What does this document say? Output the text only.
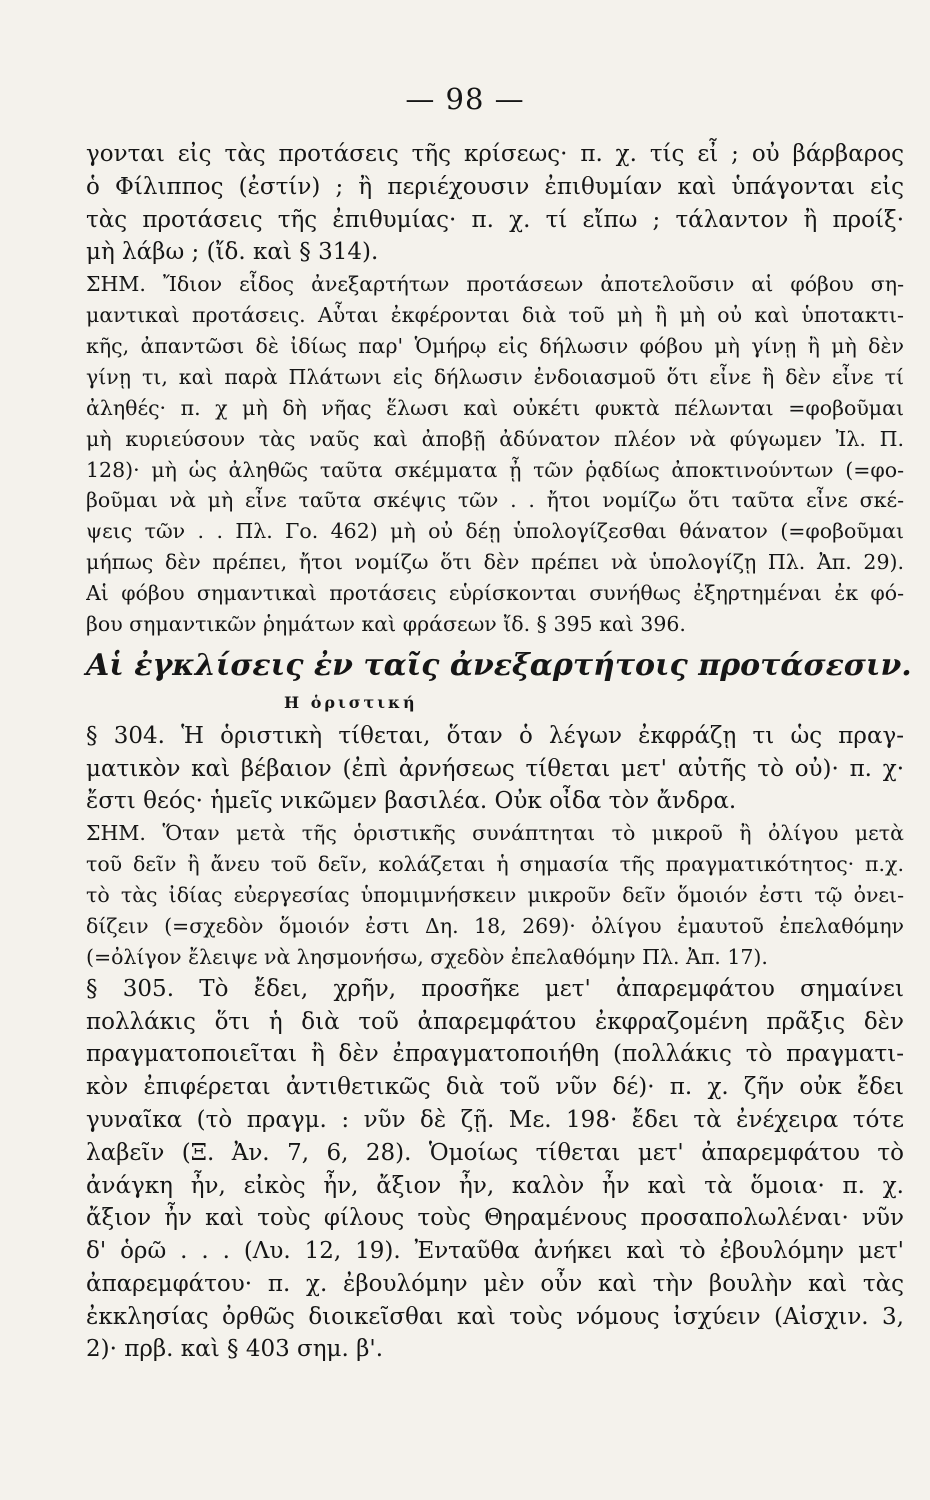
— 98 —
γονται εἰς τὰς προτάσεις τῆς κρίσεως· π. χ. τίς εἶ ; οὐ βάρβαρος
ὁ Φίλιππος (ἐστίν) ; ἢ περιέχουσιν ἐπιθυμίαν καὶ ὑπάγονται εἰς
τὰς προτάσεις τῆς ἐπιθυμίας· π. χ. τί εἴπω ; τάλαντον ἢ προίξ·
μὴ λάβω ; (ἴδ. καὶ § 314).
ΣΗΜ. Ἴδιον εἶδος ἀνεξαρτήτων προτάσεων ἀποτελοῦσιν αἱ φόβου ση-
μαντικαὶ προτάσεις. Αὗται ἐκφέρονται διὰ τοῦ μὴ ἢ μὴ οὐ καὶ ὑποτακτι-
κῆς, ἀπαντῶσι δὲ ἰδίως παρ' Ὁμήρῳ εἰς δήλωσιν φόβου μὴ γίνῃ ἢ μὴ δὲν
γίνῃ τι, καὶ παρὰ Πλάτωνι εἰς δήλωσιν ἐνδοιασμοῦ ὅτι εἶνε ἢ δὲν εἶνε τί
ἀληθές· π. χ μὴ δὴ νῆας ἕλωσι καὶ οὐκέτι φυκτὰ πέλωνται =φοβοῦμαι
μὴ κυριεύσουν τὰς ναῦς καὶ ἀποβῇ ἀδύνατον πλέον νὰ φύγωμεν Ἰλ. Π.
128)· μὴ ὡς ἀληθῶς ταῦτα σκέμματα ᾖ τῶν ῥᾳδίως ἀποκτινούντων (=φο-
βοῦμαι νὰ μὴ εἶνε ταῦτα σκέψις τῶν . . ἤτοι νομίζω ὅτι ταῦτα εἶνε σκέ-
ψεις τῶν . . Πλ. Γο. 462) μὴ οὐ δέῃ ὑπολογίζεσθαι θάνατον (=φοβοῦμαι
μήπως δὲν πρέπει, ἤτοι νομίζω ὅτι δὲν πρέπει νὰ ὑπολογίζῃ Πλ. Ἀπ. 29).
Αἱ φόβου σημαντικαὶ προτάσεις εὑρίσκονται συνήθως ἐξηρτημέναι ἐκ φό-
βου σημαντικῶν ῥημάτων καὶ φράσεων ἴδ. § 395 καὶ 396.
Αἱ ἐγκλίσεις ἐν ταῖς ἀνεξαρτήτοις προτάσεσιν.
Η ὁριστική
§ 304. Ἡ ὁριστικὴ τίθεται, ὅταν ὁ λέγων ἐκφράζῃ τι ὡς πραγ-
ματικὸν καὶ βέβαιον (ἐπὶ ἀρνήσεως τίθεται μετ' αὐτῆς τὸ οὐ)· π. χ·
ἔστι θεός· ἡμεῖς νικῶμεν βασιλέα. Οὐκ οἶδα τὸν ἄνδρα.
ΣΗΜ. Ὅταν μετὰ τῆς ὁριστικῆς συνάπτηται τὸ μικροῦ ἢ ὀλίγου μετὰ
τοῦ δεῖν ἢ ἄνευ τοῦ δεῖν, κολάζεται ἡ σημασία τῆς πραγματικότητος· π.χ.
τὸ τὰς ἰδίας εὐεργεσίας ὑπομιμνήσκειν μικροῦν δεῖν ὅμοιόν ἐστι τῷ ὀνει-
δίζειν (=σχεδὸν ὅμοιόν ἐστι Δη. 18, 269)· ὀλίγου ἐμαυτοῦ ἐπελαθόμην
(=ὀλίγον ἔλειψε νὰ λησμονήσω, σχεδὸν ἐπελαθόμην Πλ. Ἀπ. 17).
§ 305. Τὸ ἔδει, χρῆν, προσῆκε μετ' ἀπαρεμφάτου σημαίνει
πολλάκις ὅτι ἡ διὰ τοῦ ἀπαρεμφάτου ἐκφραζομένη πρᾶξις δὲν
πραγματοποιεῖται ἢ δὲν ἐπραγματοποιήθη (πολλάκις τὸ πραγματι-
κὸν ἐπιφέρεται ἀντιθετικῶς διὰ τοῦ νῦν δέ)· π. χ. ζῆν οὐκ ἔδει
γυναῖκα (τὸ πραγμ. : νῦν δὲ ζῇ. Με. 198· ἔδει τὰ ἐνέχειρα τότε
λαβεῖν (Ξ. Ἀν. 7, 6, 28). Ὁμοίως τίθεται μετ' ἀπαρεμφάτου τὸ
ἀνάγκη ἦν, εἰκὸς ἦν, ἄξιον ἦν, καλὸν ἦν καὶ τὰ ὅμοια· π. χ.
ἄξιον ἦν καὶ τοὺς φίλους τοὺς Θηραμένους προσαπολωλέναι· νῦν
δ' ὁρῶ . . . (Λυ. 12, 19). Ἐνταῦθα ἀνήκει καὶ τὸ ἐβουλόμην μετ'
ἀπαρεμφάτου· π. χ. ἐβουλόμην μὲν οὖν καὶ τὴν βουλὴν καὶ τὰς
ἐκκλησίας ὀρθῶς διοικεῖσθαι καὶ τοὺς νόμους ἰσχύειν (Αἰσχιν. 3,
2)· πρβ. καὶ § 403 σημ. β'.
